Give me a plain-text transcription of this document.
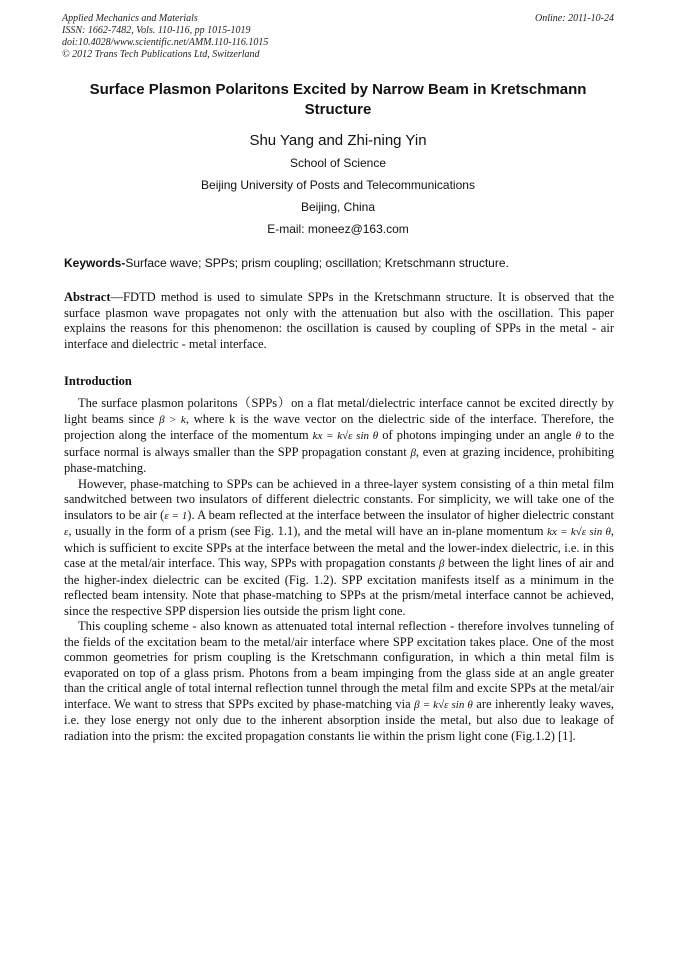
Applied Mechanics and Materials
ISSN: 1662-7482, Vols. 110-116, pp 1015-1019
doi:10.4028/www.scientific.net/AMM.110-116.1015
© 2012 Trans Tech Publications Ltd, Switzerland
Online: 2011-10-24
Surface Plasmon Polaritons Excited by Narrow Beam in Kretschmann Structure
Shu Yang and Zhi-ning Yin
School of Science
Beijing University of Posts and Telecommunications
Beijing, China
E-mail: moneez@163.com
Keywords-Surface wave; SPPs; prism coupling; oscillation; Kretschmann structure.

Abstract—FDTD method is used to simulate SPPs in the Kretschmann structure. It is observed that the surface plasmon wave propagates not only with the attenuation but also with the oscillation. This paper explains the reasons for this phenomenon: the oscillation is caused by coupling of SPPs in the metal - air interface and dielectric - metal interface.

Introduction

The surface plasmon polaritons（SPPs）on a flat metal/dielectric interface cannot be excited directly by light beams since β > k, where k is the wave vector on the dielectric side of the interface. Therefore, the projection along the interface of the momentum kx = k√ε sin θ of photons impinging under an angle θ to the surface normal is always smaller than the SPP propagation constant β, even at grazing incidence, prohibiting phase-matching.

However, phase-matching to SPPs can be achieved in a three-layer system consisting of a thin metal film sandwitched between two insulators of different dielectric constants. For simplicity, we will take one of the insulators to be air (ε = 1). A beam reflected at the interface between the insulator of higher dielectric constant ε, usually in the form of a prism (see Fig. 1.1), and the metal will have an in-plane momentum kx = k√ε sin θ, which is sufficient to excite SPPs at the interface between the metal and the lower-index dielectric, i.e. in this case at the metal/air interface. This way, SPPs with propagation constants β between the light lines of air and the higher-index dielectric can be excited (Fig. 1.2). SPP excitation manifests itself as a minimum in the reflected beam intensity. Note that phase-matching to SPPs at the prism/metal interface cannot be achieved, since the respective SPP dispersion lies outside the prism light cone.

This coupling scheme - also known as attenuated total internal reflection - therefore involves tunneling of the fields of the excitation beam to the metal/air interface where SPP excitation takes place. One of the most common geometries for prism coupling is the Kretschmann configuration, in which a thin metal film is evaporated on top of a glass prism. Photons from a beam impinging from the glass side at an angle greater than the critical angle of total internal reflection tunnel through the metal film and excite SPPs at the metal/air interface. We want to stress that SPPs excited by phase-matching via β = k√ε sin θ are inherently leaky waves, i.e. they lose energy not only due to the inherent absorption inside the metal, but also due to leakage of radiation into the prism: the excited propagation constants lie within the prism light cone (Fig.1.2) [1].
